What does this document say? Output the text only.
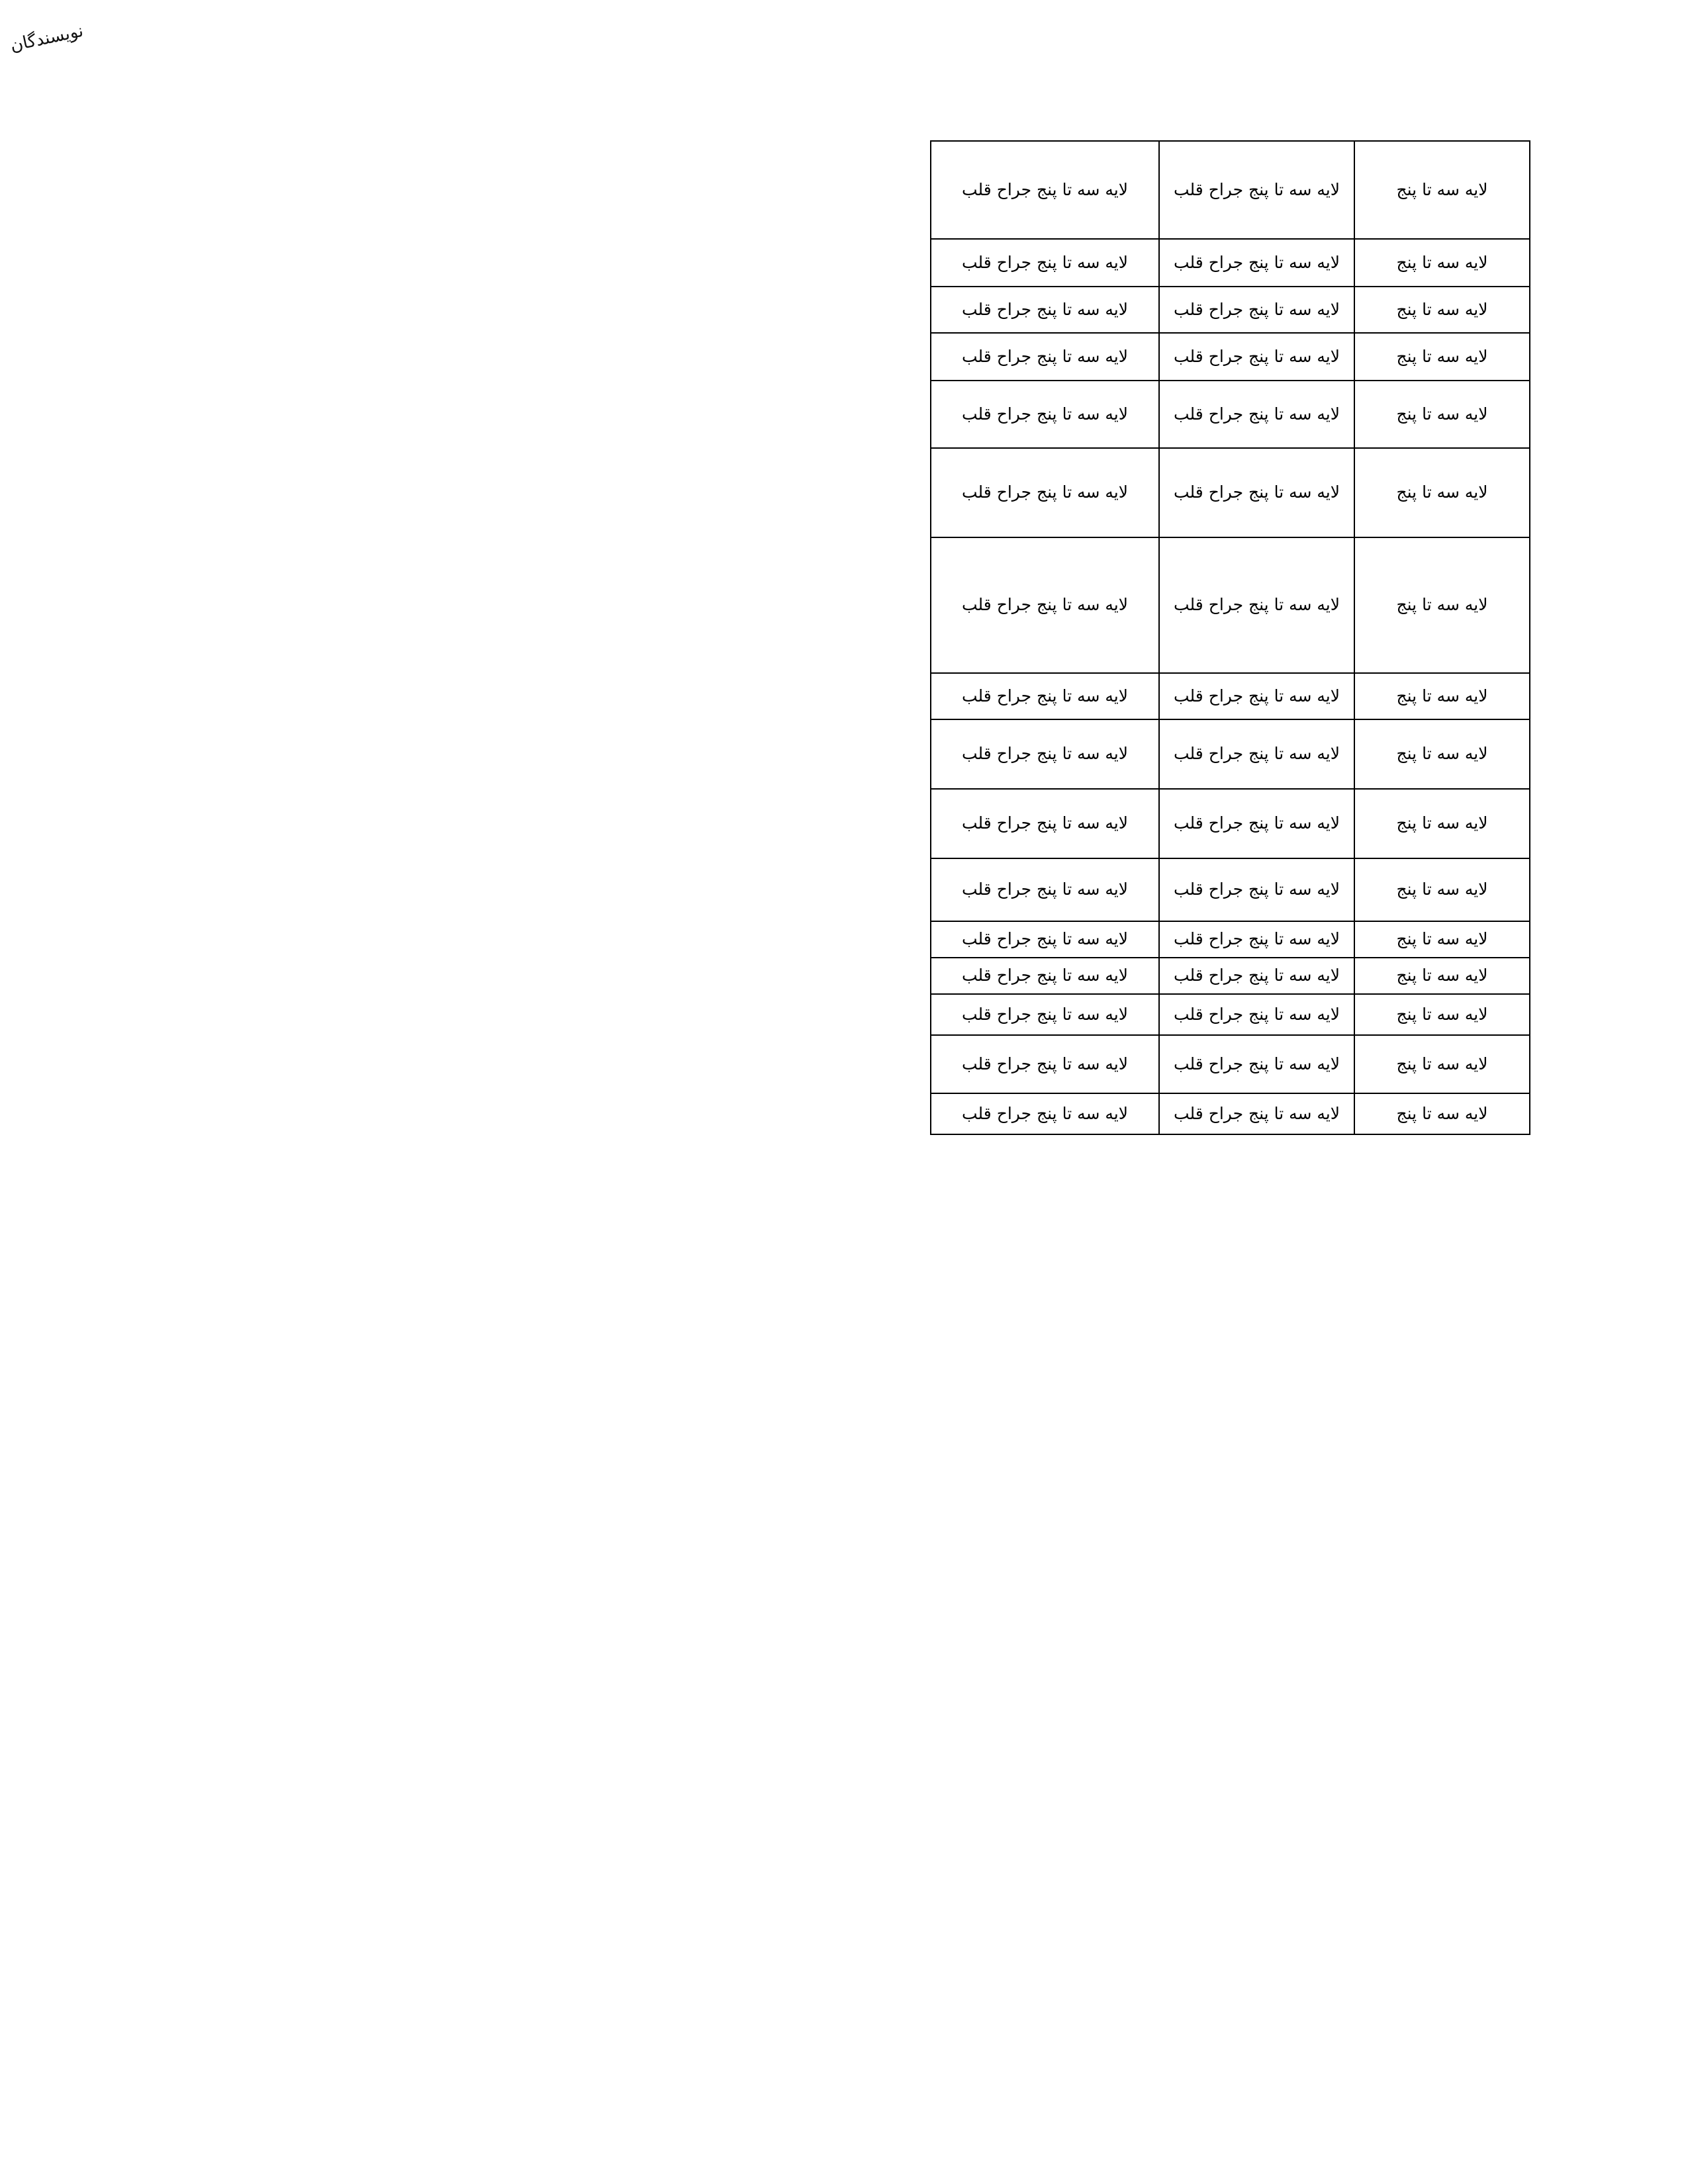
نویسندگان
لایه سه تا پنج	لایه سه تا پنج جراح قلب	لایه سه تا پنج جراح قلب

لایه سه تا پنج	لایه سه تا پنج جراح قلب	لایه سه تا پنج جراح قلب

لایه سه تا پنج	لایه سه تا پنج جراح قلب	لایه سه تا پنج جراح قلب

لایه سه تا پنج	لایه سه تا پنج جراح قلب	لایه سه تا پنج جراح قلب

لایه سه تا پنج	لایه سه تا پنج جراح قلب	لایه سه تا پنج جراح قلب

لایه سه تا پنج	لایه سه تا پنج جراح قلب	لایه سه تا پنج جراح قلب

لایه سه تا پنج	لایه سه تا پنج جراح قلب	لایه سه تا پنج جراح قلب

لایه سه تا پنج	لایه سه تا پنج جراح قلب	لایه سه تا پنج جراح قلب

لایه سه تا پنج	لایه سه تا پنج جراح قلب	لایه سه تا پنج جراح قلب

لایه سه تا پنج	لایه سه تا پنج جراح قلب	لایه سه تا پنج جراح قلب

لایه سه تا پنج	لایه سه تا پنج جراح قلب	لایه سه تا پنج جراح قلب

لایه سه تا پنج	لایه سه تا پنج جراح قلب	لایه سه تا پنج جراح قلب

لایه سه تا پنج	لایه سه تا پنج جراح قلب	لایه سه تا پنج جراح قلب

لایه سه تا پنج	لایه سه تا پنج جراح قلب	لایه سه تا پنج جراح قلب

لایه سه تا پنج	لایه سه تا پنج جراح قلب	لایه سه تا پنج جراح قلب

لایه سه تا پنج	لایه سه تا پنج جراح قلب	لایه سه تا پنج جراح قلب
